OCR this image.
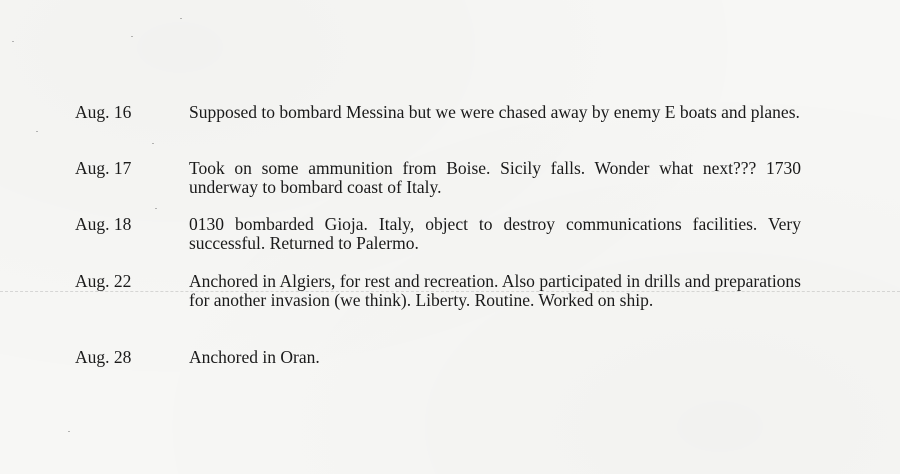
Aug. 16	Supposed to bombard Messina but we were chased away by enemy E boats and planes.
Aug. 17	Took on some ammunition from Boise. Sicily falls. Wonder what next??? 1730 underway to bombard coast of Italy.
Aug. 18	0130 bombarded Gioja. Italy, object to destroy communications facilities. Very successful. Returned to Palermo.
Aug. 22	Anchored in Algiers, for rest and recreation. Also participated in drills and preparations for another invasion (we think). Liberty. Routine. Worked on ship.
Aug. 28	Anchored in Oran.
